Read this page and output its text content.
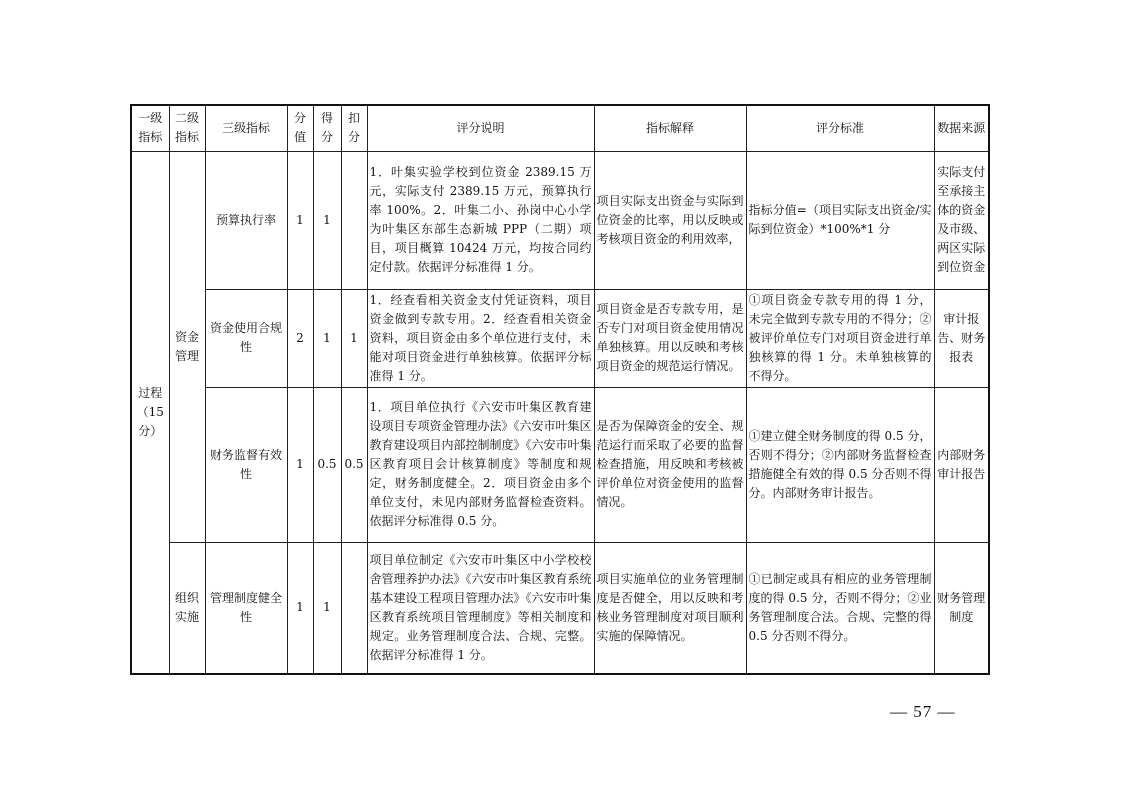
一级指标	二级指标	三级指标	分值	得分	扣分	评分说明	指标解释	评分标准	数据来源
过程（15分）	资金管理	预算执行率	1	1		1．叶集实验学校到位资金 2389.15 万元，实际支付 2389.15 万元，预算执行率 100%。2．叶集二小、孙岗中心小学为叶集区东部生态新城 PPP（二期）项目，项目概算 10424 万元，均按合同约定付款。依据评分标准得 1 分。	项目实际支出资金与实际到位资金的比率，用以反映或考核项目资金的利用效率，	指标分值=（项目实际支出资金/实际到位资金）*100%*1 分	实际支付至承接主体的资金及市级、两区实际到位资金
		资金使用合规性	2	1	1	1．经查看相关资金支付凭证资料，项目资金做到专款专用。2．经查看相关资金资料，项目资金由多个单位进行支付，未能对项目资金进行单独核算。依据评分标准得 1 分。	项目资金是否专款专用，是否专门对项目资金使用情况单独核算。用以反映和考核项目资金的规范运行情况。	①项目资金专款专用的得 1 分，未完全做到专款专用的不得分；②被评价单位专门对项目资金进行单独核算的得 1 分。未单独核算的不得分。	审计报告、财务报表
		财务监督有效性	1	0.5	0.5	1．项目单位执行《六安市叶集区教育建设项目专项资金管理办法》《六安市叶集区教育建设项目内部控制制度》《六安市叶集区教育项目会计核算制度》等制度和规定，财务制度健全。2．项目资金由多个单位支付，未见内部财务监督检查资料。依据评分标准得 0.5 分。	是否为保障资金的安全、规范运行而采取了必要的监督检查措施，用反映和考核被评价单位对资金使用的监督情况。	①建立健全财务制度的得 0.5 分，否则不得分；②内部财务监督检查措施健全有效的得 0.5 分否则不得分。内部财务审计报告。	内部财务审计报告
	组织实施	管理制度健全性	1	1		项目单位制定《六安市叶集区中小学校校舍管理养护办法》《六安市叶集区教育系统基本建设工程项目管理办法》《六安市叶集区教育系统项目管理制度》等相关制度和规定。业务管理制度合法、合规、完整。依据评分标准得 1 分。	项目实施单位的业务管理制度是否健全，用以反映和考核业务管理制度对项目顺利实施的保障情况。	①已制定或具有相应的业务管理制度的得 0.5 分，否则不得分；②业务管理制度合法。合规、完整的得 0.5 分否则不得分。	财务管理制度
— 57 —
